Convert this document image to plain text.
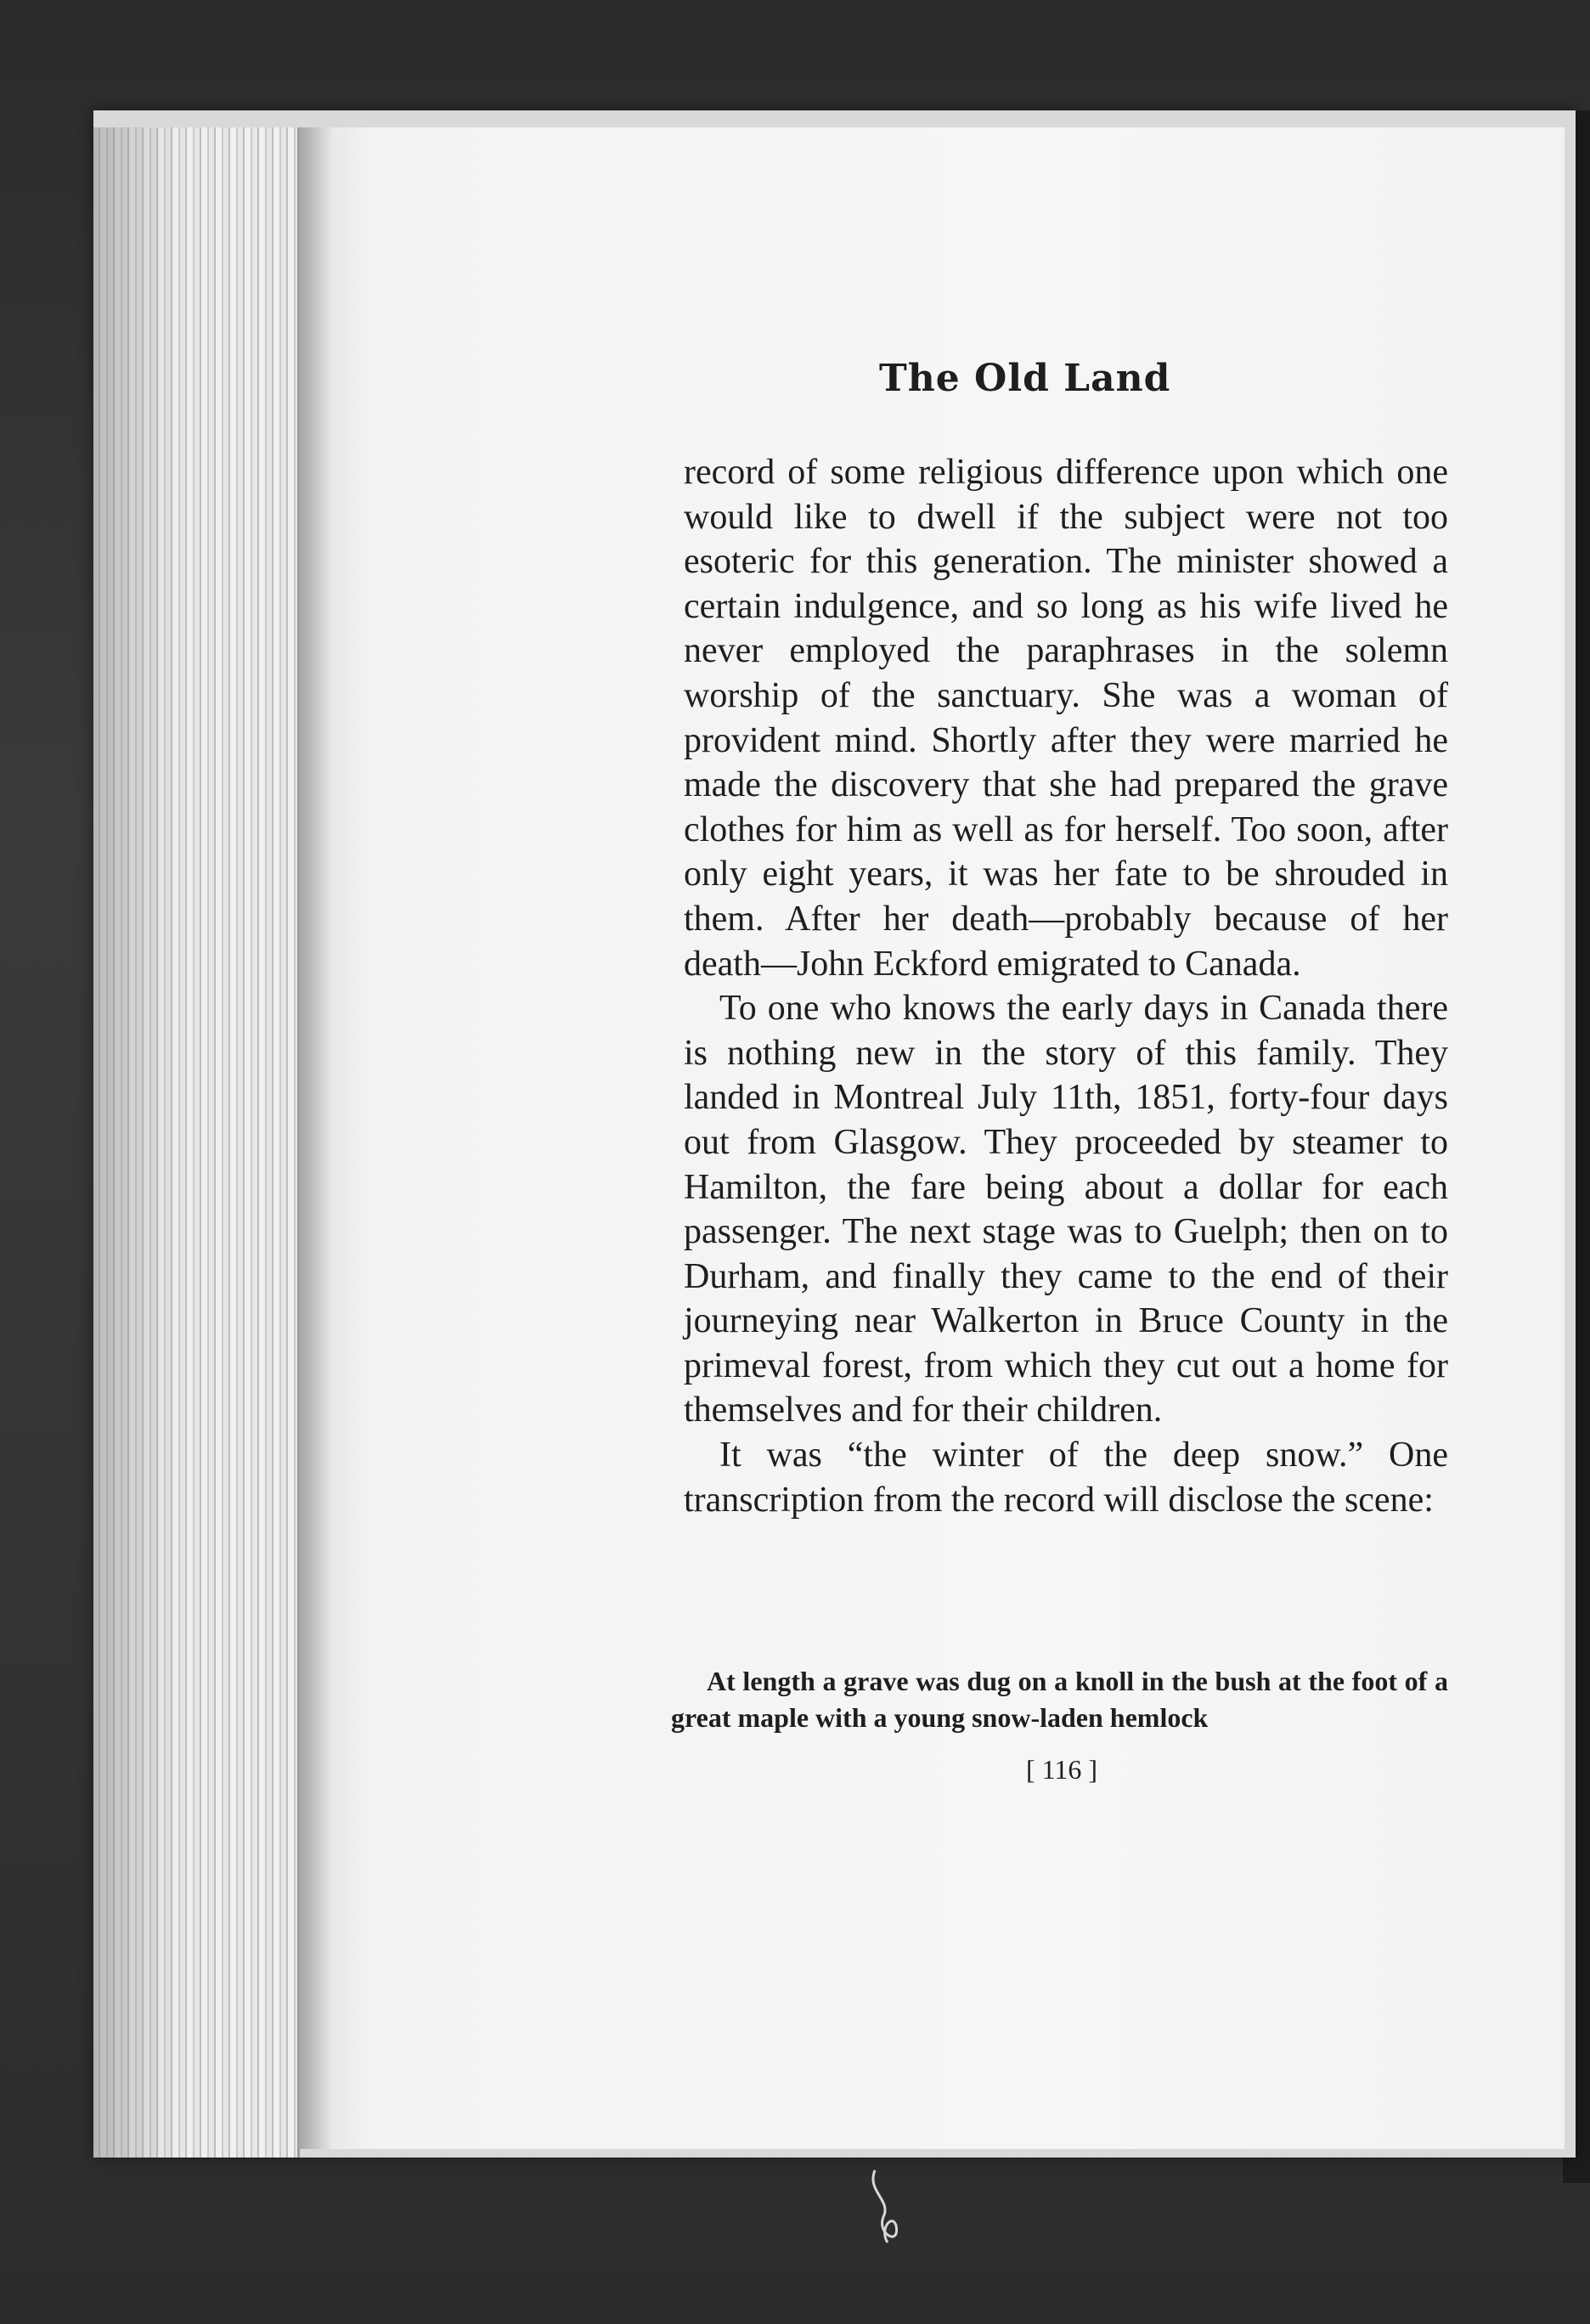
The Old Land

record of some religious difference upon which one would like to dwell if the subject were not too esoteric for this generation. The minister showed a certain indulgence, and so long as his wife lived he never employed the paraphrases in the solemn worship of the sanctuary. She was a woman of provident mind. Shortly after they were married he made the discovery that she had prepared the grave clothes for him as well as for herself. Too soon, after only eight years, it was her fate to be shrouded in them. After her death—probably because of her death—John Eckford emigrated to Canada.

To one who knows the early days in Canada there is nothing new in the story of this family. They landed in Montreal July 11th, 1851, forty-four days out from Glasgow. They proceeded by steamer to Hamilton, the fare being about a dollar for each passenger. The next stage was to Guelph; then on to Durham, and finally they came to the end of their journeying near Walkerton in Bruce County in the primeval forest, from which they cut out a home for themselves and for their children.

It was “the winter of the deep snow.” One transcription from the record will disclose the scene:

At length a grave was dug on a knoll in the bush at the foot of a great maple with a young snow-laden hemlock

[ 116 ]
